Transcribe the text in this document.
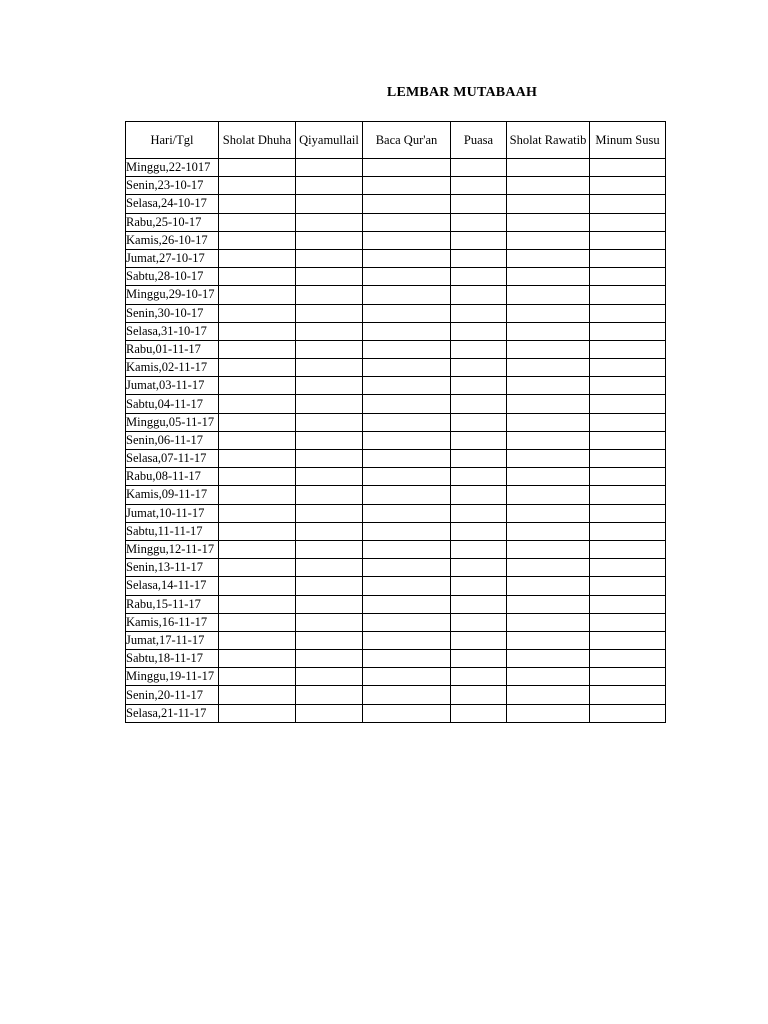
LEMBAR MUTABAAH
Hari/Tgl	Sholat Dhuha	Qiyamullail	Baca Qur'an	Puasa	Sholat Rawatib	Minum Susu
Minggu,22-1017						
Senin,23-10-17						
Selasa,24-10-17						
Rabu,25-10-17						
Kamis,26-10-17						
Jumat,27-10-17						
Sabtu,28-10-17						
Minggu,29-10-17						
Senin,30-10-17						
Selasa,31-10-17						
Rabu,01-11-17						
Kamis,02-11-17						
Jumat,03-11-17						
Sabtu,04-11-17						
Minggu,05-11-17						
Senin,06-11-17						
Selasa,07-11-17						
Rabu,08-11-17						
Kamis,09-11-17						
Jumat,10-11-17						
Sabtu,11-11-17						
Minggu,12-11-17						
Senin,13-11-17						
Selasa,14-11-17						
Rabu,15-11-17						
Kamis,16-11-17						
Jumat,17-11-17						
Sabtu,18-11-17						
Minggu,19-11-17						
Senin,20-11-17						
Selasa,21-11-17						
